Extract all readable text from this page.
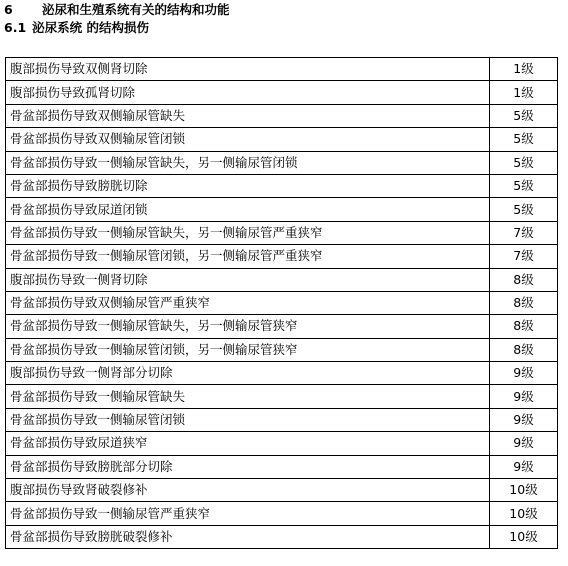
6 泌尿和生殖系统有关的结构和功能
6.1 泌尿系统 的结构损伤
腹部损伤导致双侧肾切除	1级
腹部损伤导致孤肾切除	1级
骨盆部损伤导致双侧输尿管缺失	5级
骨盆部损伤导致双侧输尿管闭锁	5级
骨盆部损伤导致一侧输尿管缺失，另一侧输尿管闭锁	5级
骨盆部损伤导致膀胱切除	5级
骨盆部损伤导致尿道闭锁	5级
骨盆部损伤导致一侧输尿管缺失，另一侧输尿管严重狭窄	7级
骨盆部损伤导致一侧输尿管闭锁，另一侧输尿管严重狭窄	7级
腹部损伤导致一侧肾切除	8级
骨盆部损伤导致双侧输尿管严重狭窄	8级
骨盆部损伤导致一侧输尿管缺失，另一侧输尿管狭窄	8级
骨盆部损伤导致一侧输尿管闭锁，另一侧输尿管狭窄	8级
腹部损伤导致一侧肾部分切除	9级
骨盆部损伤导致一侧输尿管缺失	9级
骨盆部损伤导致一侧输尿管闭锁	9级
骨盆部损伤导致尿道狭窄	9级
骨盆部损伤导致膀胱部分切除	9级
腹部损伤导致肾破裂修补	10级
骨盆部损伤导致一侧输尿管严重狭窄	10级
骨盆部损伤导致膀胱破裂修补	10级
